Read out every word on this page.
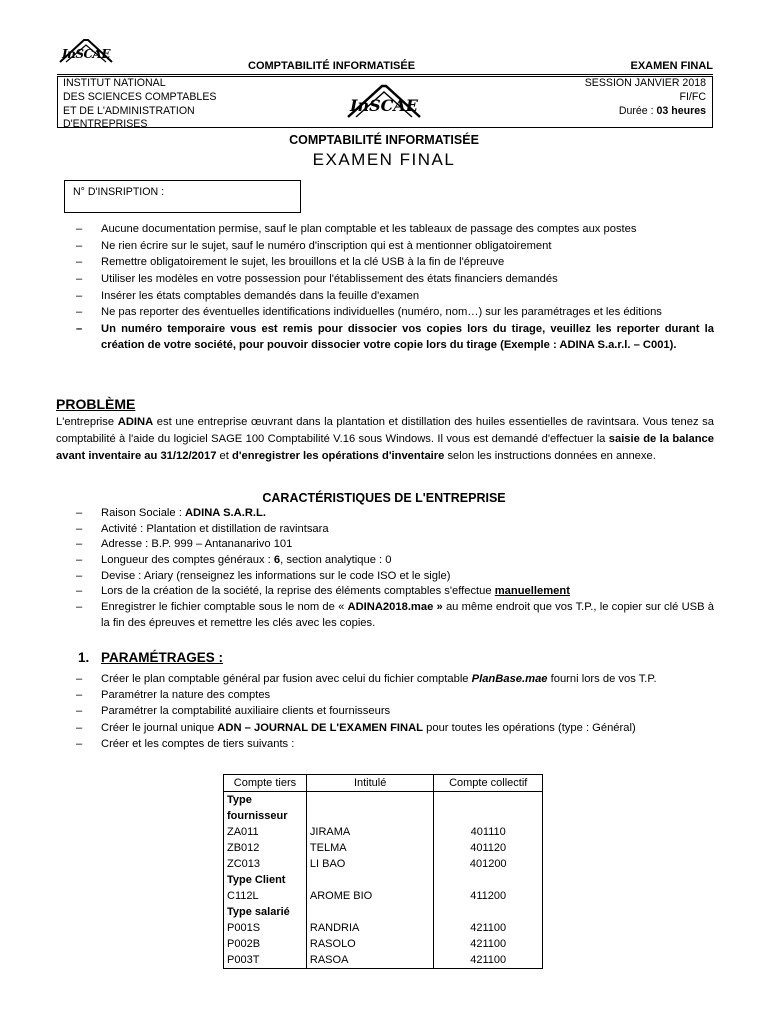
InSCAE
COMPTABILITÉ INFORMATISÉE	EXAMEN FINAL
INSTITUT NATIONAL
DES SCIENCES COMPTABLES
ET DE L'ADMINISTRATION
D'ENTREPRISES
InSCAE
SESSION JANVIER 2018
FI/FC
Durée : 03 heures
COMPTABILITÉ INFORMATISÉE
EXAMEN FINAL
N° D'INSRIPTION :
– Aucune documentation permise, sauf le plan comptable et les tableaux de passage des comptes aux postes
– Ne rien écrire sur le sujet, sauf le numéro d'inscription qui est à mentionner obligatoirement
– Remettre obligatoirement le sujet, les brouillons et la clé USB à la fin de l'épreuve
– Utiliser les modèles en votre possession pour l'établissement des états financiers demandés
– Insérer les états comptables demandés dans la feuille d'examen
– Ne pas reporter des éventuelles identifications individuelles (numéro, nom…) sur les paramétrages et les éditions
– Un numéro temporaire vous est remis pour dissocier vos copies lors du tirage, veuillez les reporter durant la création de votre société, pour pouvoir dissocier votre copie lors du tirage (Exemple : ADINA S.a.r.l. – C001).
PROBLÈME
L'entreprise ADINA est une entreprise œuvrant dans la plantation et distillation des huiles essentielles de ravintsara. Vous tenez sa comptabilité à l'aide du logiciel SAGE 100 Comptabilité V.16 sous Windows. Il vous est demandé d'effectuer la saisie de la balance avant inventaire au 31/12/2017 et d'enregistrer les opérations d'inventaire selon les instructions données en annexe.
CARACTÉRISTIQUES DE L'ENTREPRISE
– Raison Sociale : ADINA S.A.R.L.
– Activité : Plantation et distillation de ravintsara
– Adresse : B.P. 999 – Antananarivo 101
– Longueur des comptes généraux : 6, section analytique : 0
– Devise : Ariary (renseignez les informations sur le code ISO et le sigle)
– Lors de la création de la société, la reprise des éléments comptables s'effectue manuellement
– Enregistrer le fichier comptable sous le nom de « ADINA2018.mae » au même endroit que vos T.P., le copier sur clé USB à la fin des épreuves et remettre les clés avec les copies.
1. PARAMÉTRAGES :
– Créer le plan comptable général par fusion avec celui du fichier comptable PlanBase.mae fourni lors de vos T.P.
– Paramétrer la nature des comptes
– Paramétrer la comptabilité auxiliaire clients et fournisseurs
– Créer le journal unique ADN – JOURNAL DE L'EXAMEN FINAL pour toutes les opérations (type : Général)
– Créer et les comptes de tiers suivants :
Compte tiers	Intitulé	Compte collectif
Type fournisseur		
ZA011	JIRAMA	401110
ZB012	TELMA	401120
ZC013	LI BAO	401200
Type Client		
C112L	AROME BIO	411200
Type salarié		
P001S	RANDRIA	421100
P002B	RASOLO	421100
P003T	RASOA	421100
